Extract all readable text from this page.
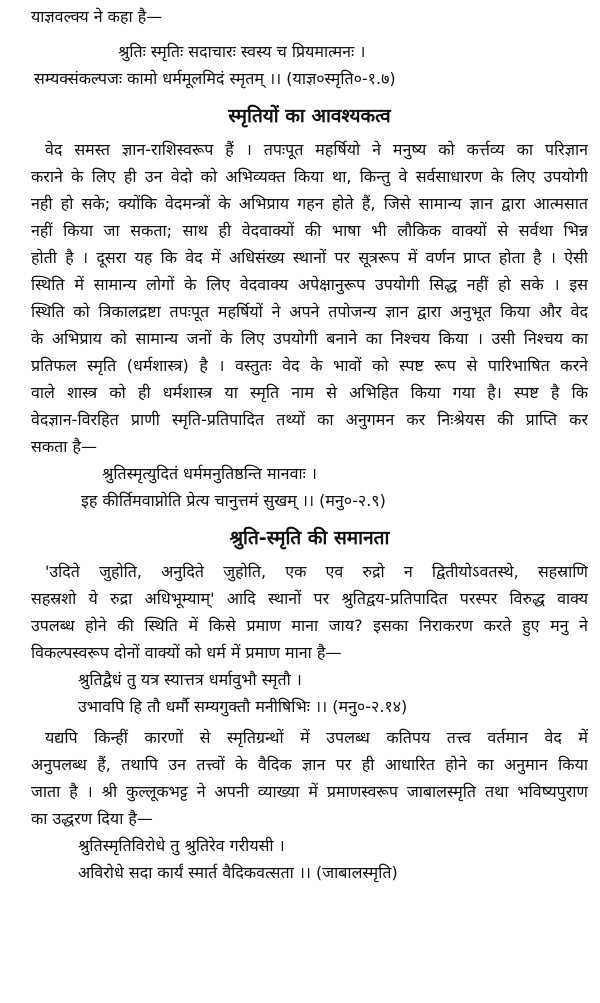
याज्ञवल्क्य ने कहा है—
श्रुतिः स्मृतिः सदाचारः स्वस्य च प्रियमात्मनः ।
सम्यक्संकल्पजः कामो धर्ममूलमिदं स्मृतम् ।। (याज्ञ०स्मृति०-१.७)
स्मृतियों का आवश्यकत्व
वेद समस्त ज्ञान-राशिस्वरूप हैं । तपःपूत महर्षियो ने मनुष्य को कर्त्तव्य का परिज्ञान
कराने के लिए ही उन वेदो को अभिव्यक्त किया था, किन्तु वे सर्वसाधारण के लिए उपयोगी
नही हो सके; क्योंकि वेदमन्त्रों के अभिप्राय गहन होते हैं, जिसे सामान्य ज्ञान द्वारा आत्मसात
नहीं किया जा सकता; साथ ही वेदवाक्यों की भाषा भी लौकिक वाक्यों से सर्वथा भिन्न
होती है । दूसरा यह कि वेद में अधिसंख्य स्थानों पर सूत्ररूप में वर्णन प्राप्त होता है । ऐसी
स्थिति में सामान्य लोगों के लिए वेदवाक्य अपेक्षानुरूप उपयोगी सिद्ध नहीं हो सके । इस
स्थिति को त्रिकालद्रष्टा तपःपूत महर्षियों ने अपने तपोजन्य ज्ञान द्वारा अनुभूत किया और वेद
के अभिप्राय को सामान्य जनों के लिए उपयोगी बनाने का निश्चय किया । उसी निश्चय का
प्रतिफल स्मृति (धर्मशास्त्र) है । वस्तुतः वेद के भावों को स्पष्ट रूप से पारिभाषित करने
वाले शास्त्र को ही धर्मशास्त्र या स्मृति नाम से अभिहित किया गया है। स्पष्ट है कि
वेदज्ञान-विरहित प्राणी स्मृति-प्रतिपादित तथ्यों का अनुगमन कर निःश्रेयस की प्राप्ति कर
सकता है—
श्रुतिस्मृत्युदितं धर्ममनुतिष्ठन्ति मानवाः ।
इह कीर्तिमवाप्नोति प्रेत्य चानुत्तमं सुखम् ।। (मनु०-२.९)
श्रुति-स्मृति की समानता
'उदिते जुहोति, अनुदिते जुहोति, एक एव रुद्रो न द्वितीयोऽवतस्थे, सहस्राणि
सहस्रशो ये रुद्रा अधिभूम्याम्' आदि स्थानों पर श्रुतिद्वय-प्रतिपादित परस्पर विरुद्ध वाक्य
उपलब्ध होने की स्थिति में किसे प्रमाण माना जाय? इसका निराकरण करते हुए मनु ने
विकल्पस्वरूप दोनों वाक्यों को धर्म में प्रमाण माना है—
श्रुतिद्वैधं तु यत्र स्यात्तत्र धर्मावुभौ स्मृतौ ।
उभावपि हि तौ धर्मौ सम्यगुक्तौ मनीषिभिः ।। (मनु०-२.१४)
यद्यपि किन्हीं कारणों से स्मृतिग्रन्थों में उपलब्ध कतिपय तत्त्व वर्तमान वेद में
अनुपलब्ध हैं, तथापि उन तत्त्वों के वैदिक ज्ञान पर ही आधारित होने का अनुमान किया
जाता है । श्री कुल्लूकभट्ट ने अपनी व्याख्या में प्रमाणस्वरूप जाबालस्मृति तथा भविष्यपुराण
का उद्धरण दिया है—
श्रुतिस्मृतिविरोधे तु श्रुतिरेव गरीयसी ।
अविरोधे सदा कार्यं स्मार्त वैदिकवत्सता ।। (जाबालस्मृति)
